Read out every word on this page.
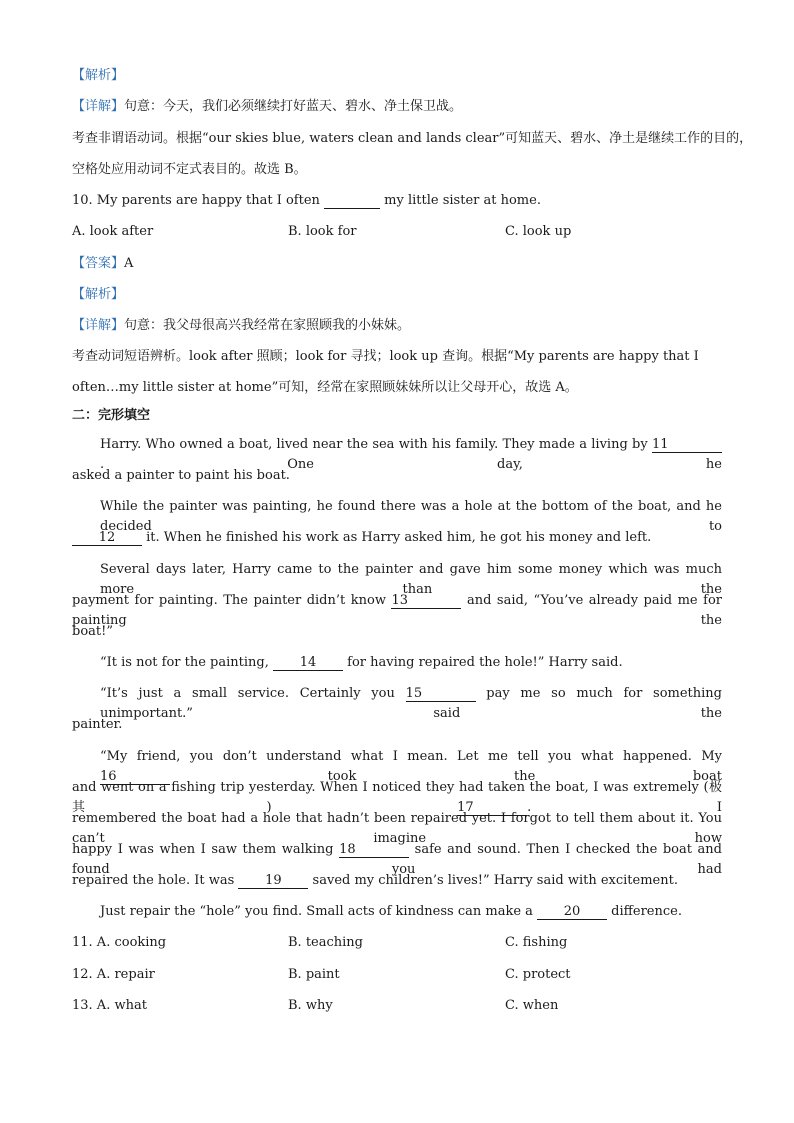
【解析】
【详解】句意：今天，我们必须继续打好蓝天、碧水、净土保卫战。
考查非谓语动词。根据“our skies blue, waters clean and lands clear”可知蓝天、碧水、净土是继续工作的目的，
空格处应用动词不定式表目的。故选 B。
10. My parents are happy that I often	my little sister at home.
A. look after	B. look for	C. look up
【答案】A
【解析】
【详解】句意：我父母很高兴我经常在家照顾我的小妹妹。
考查动词短语辨析。look after 照顾；look for 寻找；look up 查询。根据“My parents are happy that I
often…my little sister at home”可知，经常在家照顾妹妹所以让父母开心，故选 A。
二：完形填空
Harry. Who owned a boat, lived near the sea with his family. They made a living by 11. One day, he
asked a painter to paint his boat.
While the painter was painting, he found there was a hole at the bottom of the boat, and he decided to
12 it. When he finished his work as Harry asked him, he got his money and left.
Several days later, Harry came to the painter and gave him some money which was much more than the
payment for painting. The painter didn’t know 13	and said, “You’ve already paid me for painting the
boat!”
“It is not for the painting, 14 for having repaired the hole!” Harry said.
“It’s just a small service. Certainly you 15	pay me so much for something unimportant.” said the
painter.
“My friend, you don’t understand what I mean. Let me tell you what happened. My 16	took the boat
and went on a fishing trip yesterday. When I noticed they had taken the boat, I was extremely (极其) 17	. I
remembered the boat had a hole that hadn’t been repaired yet. I forgot to tell them about it. You can’t imagine how
happy I was when I saw them walking 18	safe and sound. Then I checked the boat and found you had
repaired the hole. It was 19 saved my children’s lives!” Harry said with excitement.
Just repair the “hole” you find. Small acts of kindness can make a 20 difference.
11. A. cooking	B. teaching	C. fishing
12. A. repair	B. paint	C. protect
13. A. what	B. why	C. when
